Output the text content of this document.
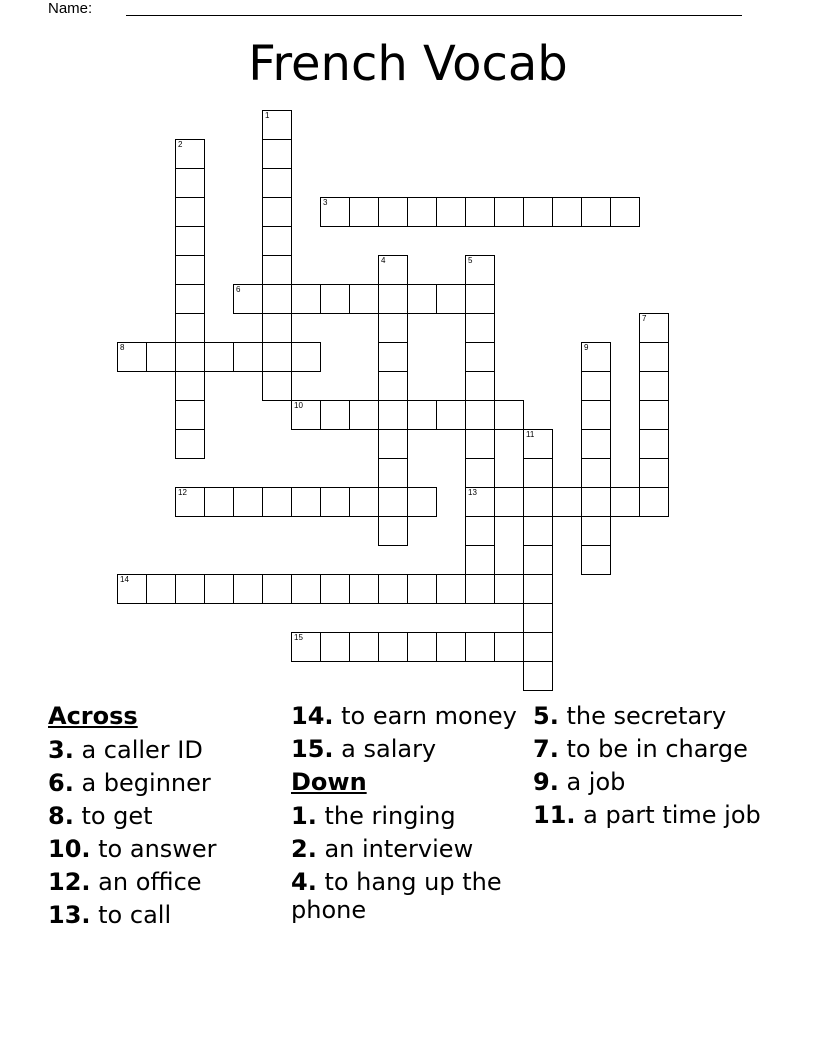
Name:
French Vocab
1
2
3
4	5
13
6
7
8	9
10
11
12
14
15
Across
3. a caller ID
6. a beginner
8. to get
10. to answer
12. an office
13. to call
14. to earn money
15. a salary
Down
1. the ringing
2. an interview
4. to hang up the phone
5. the secretary
7. to be in charge
9. a job
11. a part time job
